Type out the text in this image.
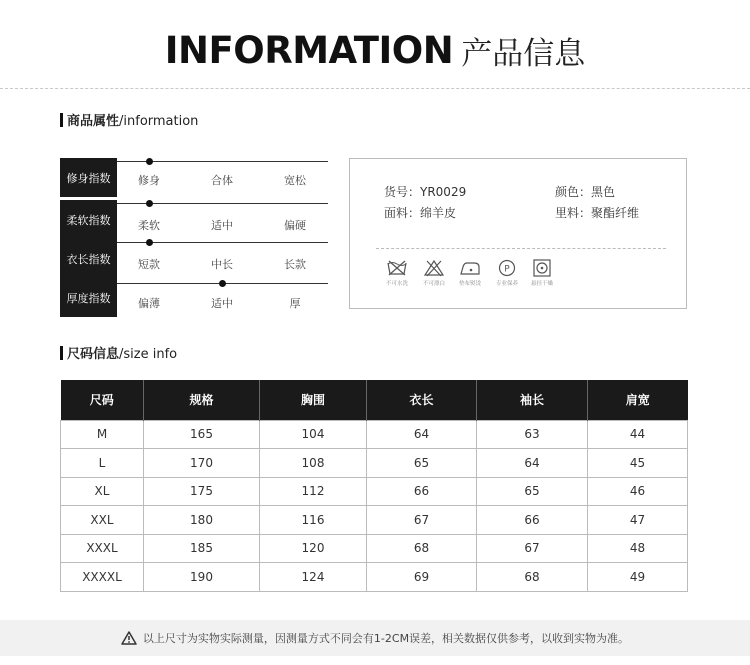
INFORMATION 产品信息
商品属性/information
修身指数	修身	合体	宽松
柔软指数	柔软	适中	偏硬
衣长指数	短款	中长	长款
厚度指数	偏薄	适中	厚
货号：YR0029
面料：绵羊皮
颜色：黑色
里料：聚酯纤维
不可水洗	不可漂白	垫布熨烫
P
专业保养	悬挂干燥
尺码信息/size info
尺码	规格	胸围	衣长	袖长	肩宽
M	165	104	64	63	44
L	170	108	65	64	45
XL	175	112	66	65	46
XXL	180	116	67	66	47
XXXL	185	120	68	67	48
XXXXL	190	124	69	68	49
以上尺寸为实物实际测量，因测量方式不同会有1-2CM误差，相关数据仅供参考，以收到实物为准。
